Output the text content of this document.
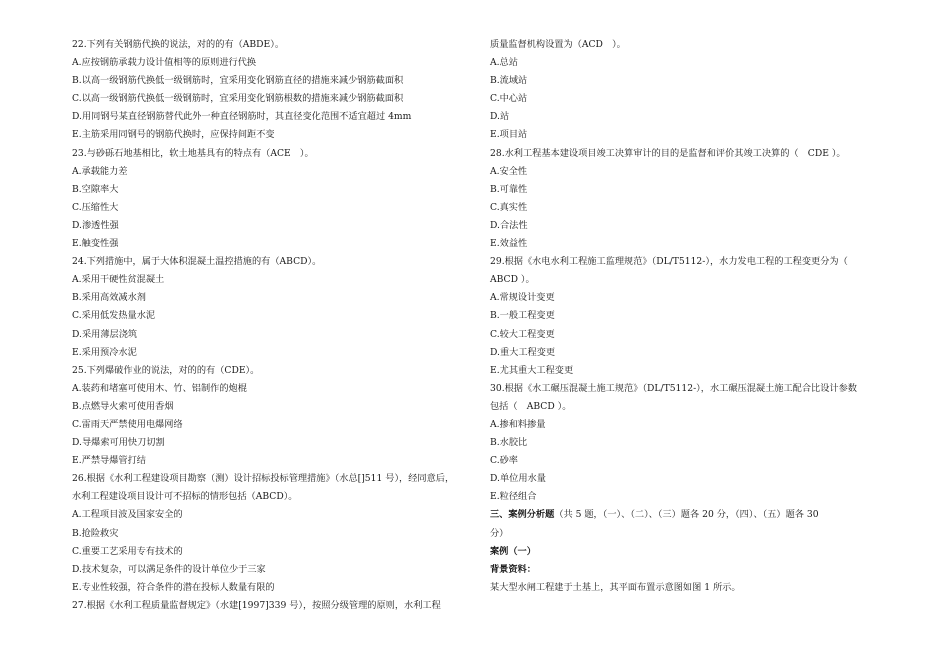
22.下列有关钢筋代换的说法，对的的有（ABDE）。
A.应按钢筋承载力设计值相等的原则进行代换
B.以高一级钢筋代换低一级钢筋时，宜采用变化钢筋直径的措施来减少钢筋截面积
C.以高一级钢筋代换低一级钢筋时，宜采用变化钢筋根数的措施来减少钢筋截面积
D.用同钢号某直径钢筋替代此外一种直径钢筋时，其直径变化范围不适宜超过 4mm
E.主筋采用同钢号的钢筋代换时，应保持间距不变
23.与砂砾石地基相比，软土地基具有的特点有（ACE　）。
A.承载能力差
B.空隙率大
C.压缩性大
D.渗透性强
E.触变性强
24.下列措施中，属于大体积混凝土温控措施的有（ABCD）。
A.采用干硬性贫混凝土
B.采用高效减水剂
C.采用低发热量水泥
D.采用薄层浇筑
E.采用预冷水泥
25.下列爆破作业的说法，对的的有（CDE）。
A.装药和堵塞可使用木、竹、铝制作的炮棍
B.点燃导火索可使用香烟
C.雷雨天严禁使用电爆网络
D.导爆索可用快刀切割
E.严禁导爆管打结
26.根据《水利工程建设项目勘察（测）设计招标投标管理措施》（水总[]511 号），经同意后，
水利工程建设项目设计可不招标的情形包括（ABCD）。
A.工程项目波及国家安全的
B.抢险救灾
C.重要工艺采用专有技术的
D.技术复杂，可以满足条件的设计单位少于三家
E.专业性较强，符合条件的潜在投标人数量有限的
27.根据《水利工程质量监督规定》（水建[1997]339 号），按照分级管理的原则，水利工程
质量监督机构设置为（ACD　）。
A.总站
B.流域站
C.中心站
D.站
E.项目站
28.水利工程基本建设项目竣工决算审计的目的是监督和评价其竣工决算的（　CDE ）。
A.安全性
B.可靠性
C.真实性
D.合法性
E.效益性
29.根据《水电水利工程施工监理规范》（DL/T5112-），水力发电工程的工程变更分为（
ABCD ）。
A.常规设计变更
B.一般工程变更
C.较大工程变更
D.重大工程变更
E.尤其重大工程变更
30.根据《水工碾压混凝土施工规范》（DL/T5112-），水工碾压混凝土施工配合比设计参数
包括（　ABCD ）。
A.掺和料掺量
B.水胶比
C.砂率
D.单位用水量
E.粒径组合
三、案例分析题（共 5 题，（一）、（二）、（三）题各 20 分，（四）、（五）题各 30
分）
案例（一）
背景资料：
某大型水闸工程建于土基上，其平面布置示意图如图 1 所示。
